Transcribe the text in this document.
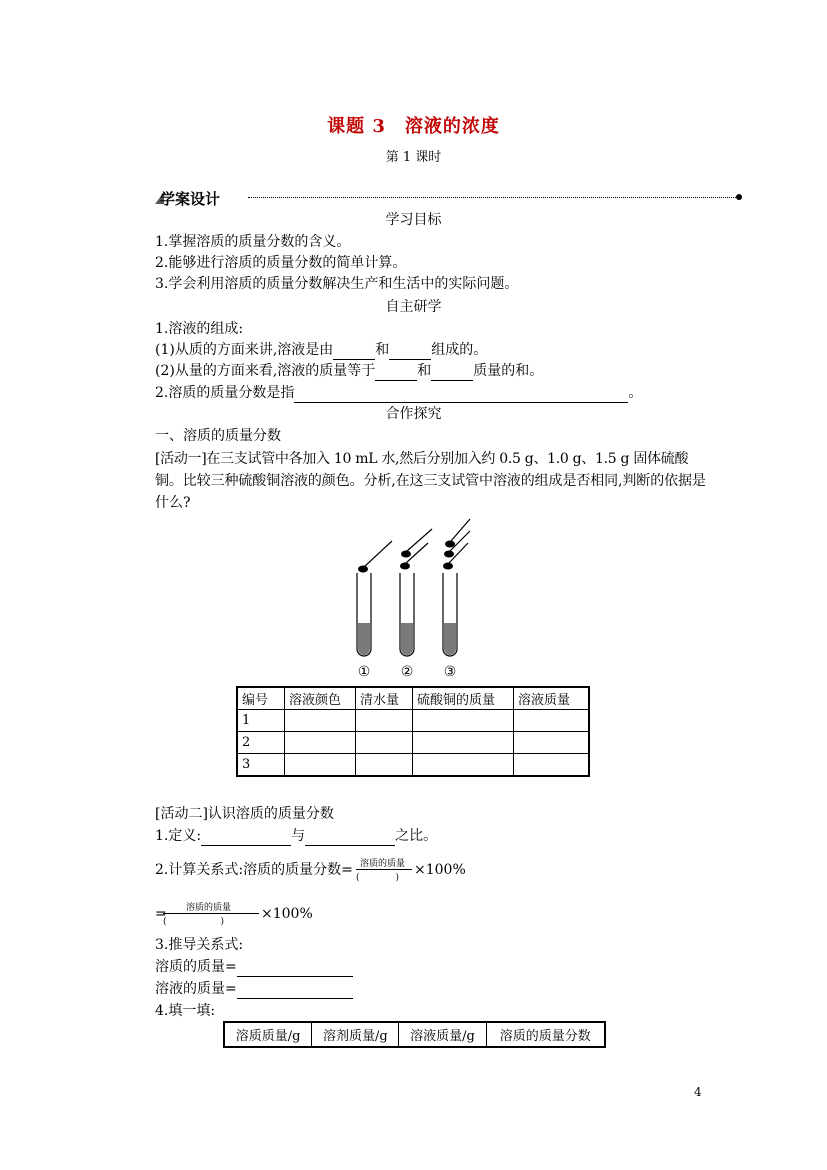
课题 3　溶液的浓度
第 1 课时
学案设计
学习目标
1.掌握溶质的质量分数的含义。
2.能够进行溶质的质量分数的简单计算。
3.学会利用溶质的质量分数解决生产和生活中的实际问题。
自主研学
1.溶液的组成:
(1)从质的方面来讲,溶液是由	和	组成的。
(2)从量的方面来看,溶液的质量等于	和	质量的和。
2.溶质的质量分数是指	。
合作探究
一、溶质的质量分数
[活动一]在三支试管中各加入 10 mL 水,然后分别加入约 0.5 g、1.0 g、1.5 g 固体硫酸
铜。比较三种硫酸铜溶液的颜色。分析,在这三支试管中溶液的组成是否相同,判断的依据是
什么?
① ② ③
编号	溶液颜色	清水量	硫酸铜的质量	溶液质量
1				
2				
3				
[活动二]认识溶质的质量分数
1.定义:	与	之比。
2.计算关系式:溶质的质量分数= 溶质的质量
(　　　　) ×100%
= 溶质的质量
(　　　　　　)	×100%
3.推导关系式:
溶质的质量=
溶液的质量=
4.填一填:
溶质质量/g	溶剂质量/g	溶液质量/g	溶质的质量分数
4
